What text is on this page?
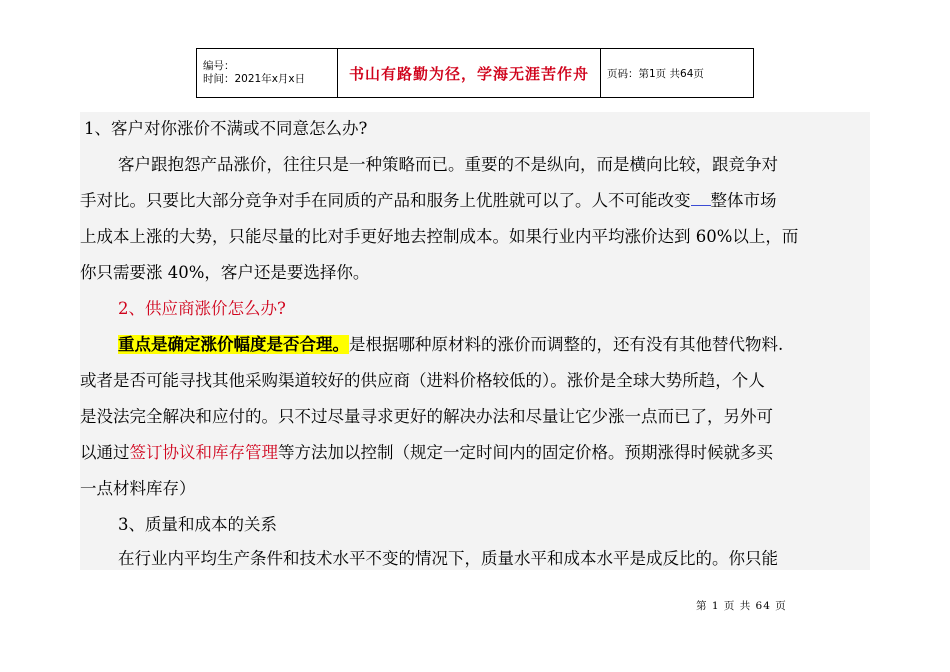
编号：
时间：2021年x月x日	书山有路勤为径，学海无涯苦作舟	页码：第1页 共64页
1、客户对你涨价不满或不同意怎么办?
客户跟抱怨产品涨价，往往只是一种策略而已。重要的不是纵向，而是横向比较，跟竞争对
手对比。只要比大部分竞争对手在同质的产品和服务上优胜就可以了。人不可能改变 整体市场
上成本上涨的大势，只能尽量的比对手更好地去控制成本。如果行业内平均涨价达到 60%以上，而
你只需要涨 40%，客户还是要选择你。
2、供应商涨价怎么办?
重点是确定涨价幅度是否合理。是根据哪种原材料的涨价而调整的，还有没有其他替代物料.
或者是否可能寻找其他采购渠道较好的供应商（进料价格较低的）。涨价是全球大势所趋，个人
是没法完全解决和应付的。只不过尽量寻求更好的解决办法和尽量让它少涨一点而已了，另外可
以通过签订协议和库存管理等方法加以控制（规定一定时间内的固定价格。预期涨得时候就多买
一点材料库存）
3、质量和成本的关系
在行业内平均生产条件和技术水平不变的情况下，质量水平和成本水平是成反比的。你只能
第 1 页 共 64 页
